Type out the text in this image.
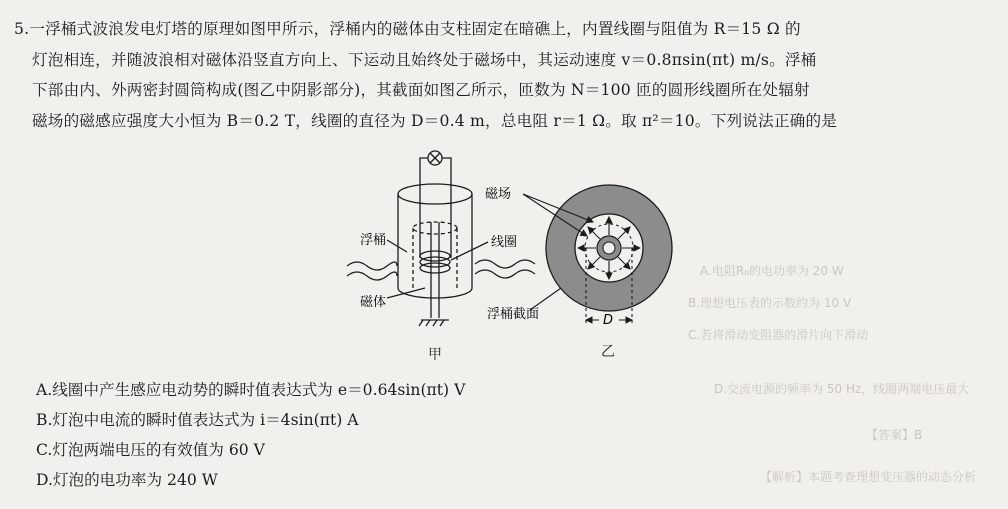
A.电阻R₀的电功率为 20 W
B.理想电压表的示数约为 10 V
C.若将滑动变阻器的滑片向下滑动
D.交流电源的频率为 50 Hz，线圈两端电压最大
【答案】B
【解析】本题考查理想变压器的动态分析

5.一浮桶式波浪发电灯塔的原理如图甲所示，浮桶内的磁体由支柱固定在暗礁上，内置线圈与阻值为 R＝15 Ω 的

灯泡相连，并随波浪相对磁体沿竖直方向上、下运动且始终处于磁场中，其运动速度 v＝0.8πsin(πt) m/s。浮桶

下部由内、外两密封圆筒构成(图乙中阴影部分)，其截面如图乙所示，匝数为 N＝100 匝的圆形线圈所在处辐射

磁场的磁感应强度大小恒为 B＝0.2 T，线圈的直径为 D＝0.4 m，总电阻 r＝1 Ω。取 π²＝10。下列说法正确的是

浮桶
磁体
线圈
磁场
浮桶截面	D
甲	乙
A.线圈中产生感应电动势的瞬时值表达式为 e＝0.64sin(πt) V
B.灯泡中电流的瞬时值表达式为 i＝4sin(πt) A
C.灯泡两端电压的有效值为 60 V
D.灯泡的电功率为 240 W
